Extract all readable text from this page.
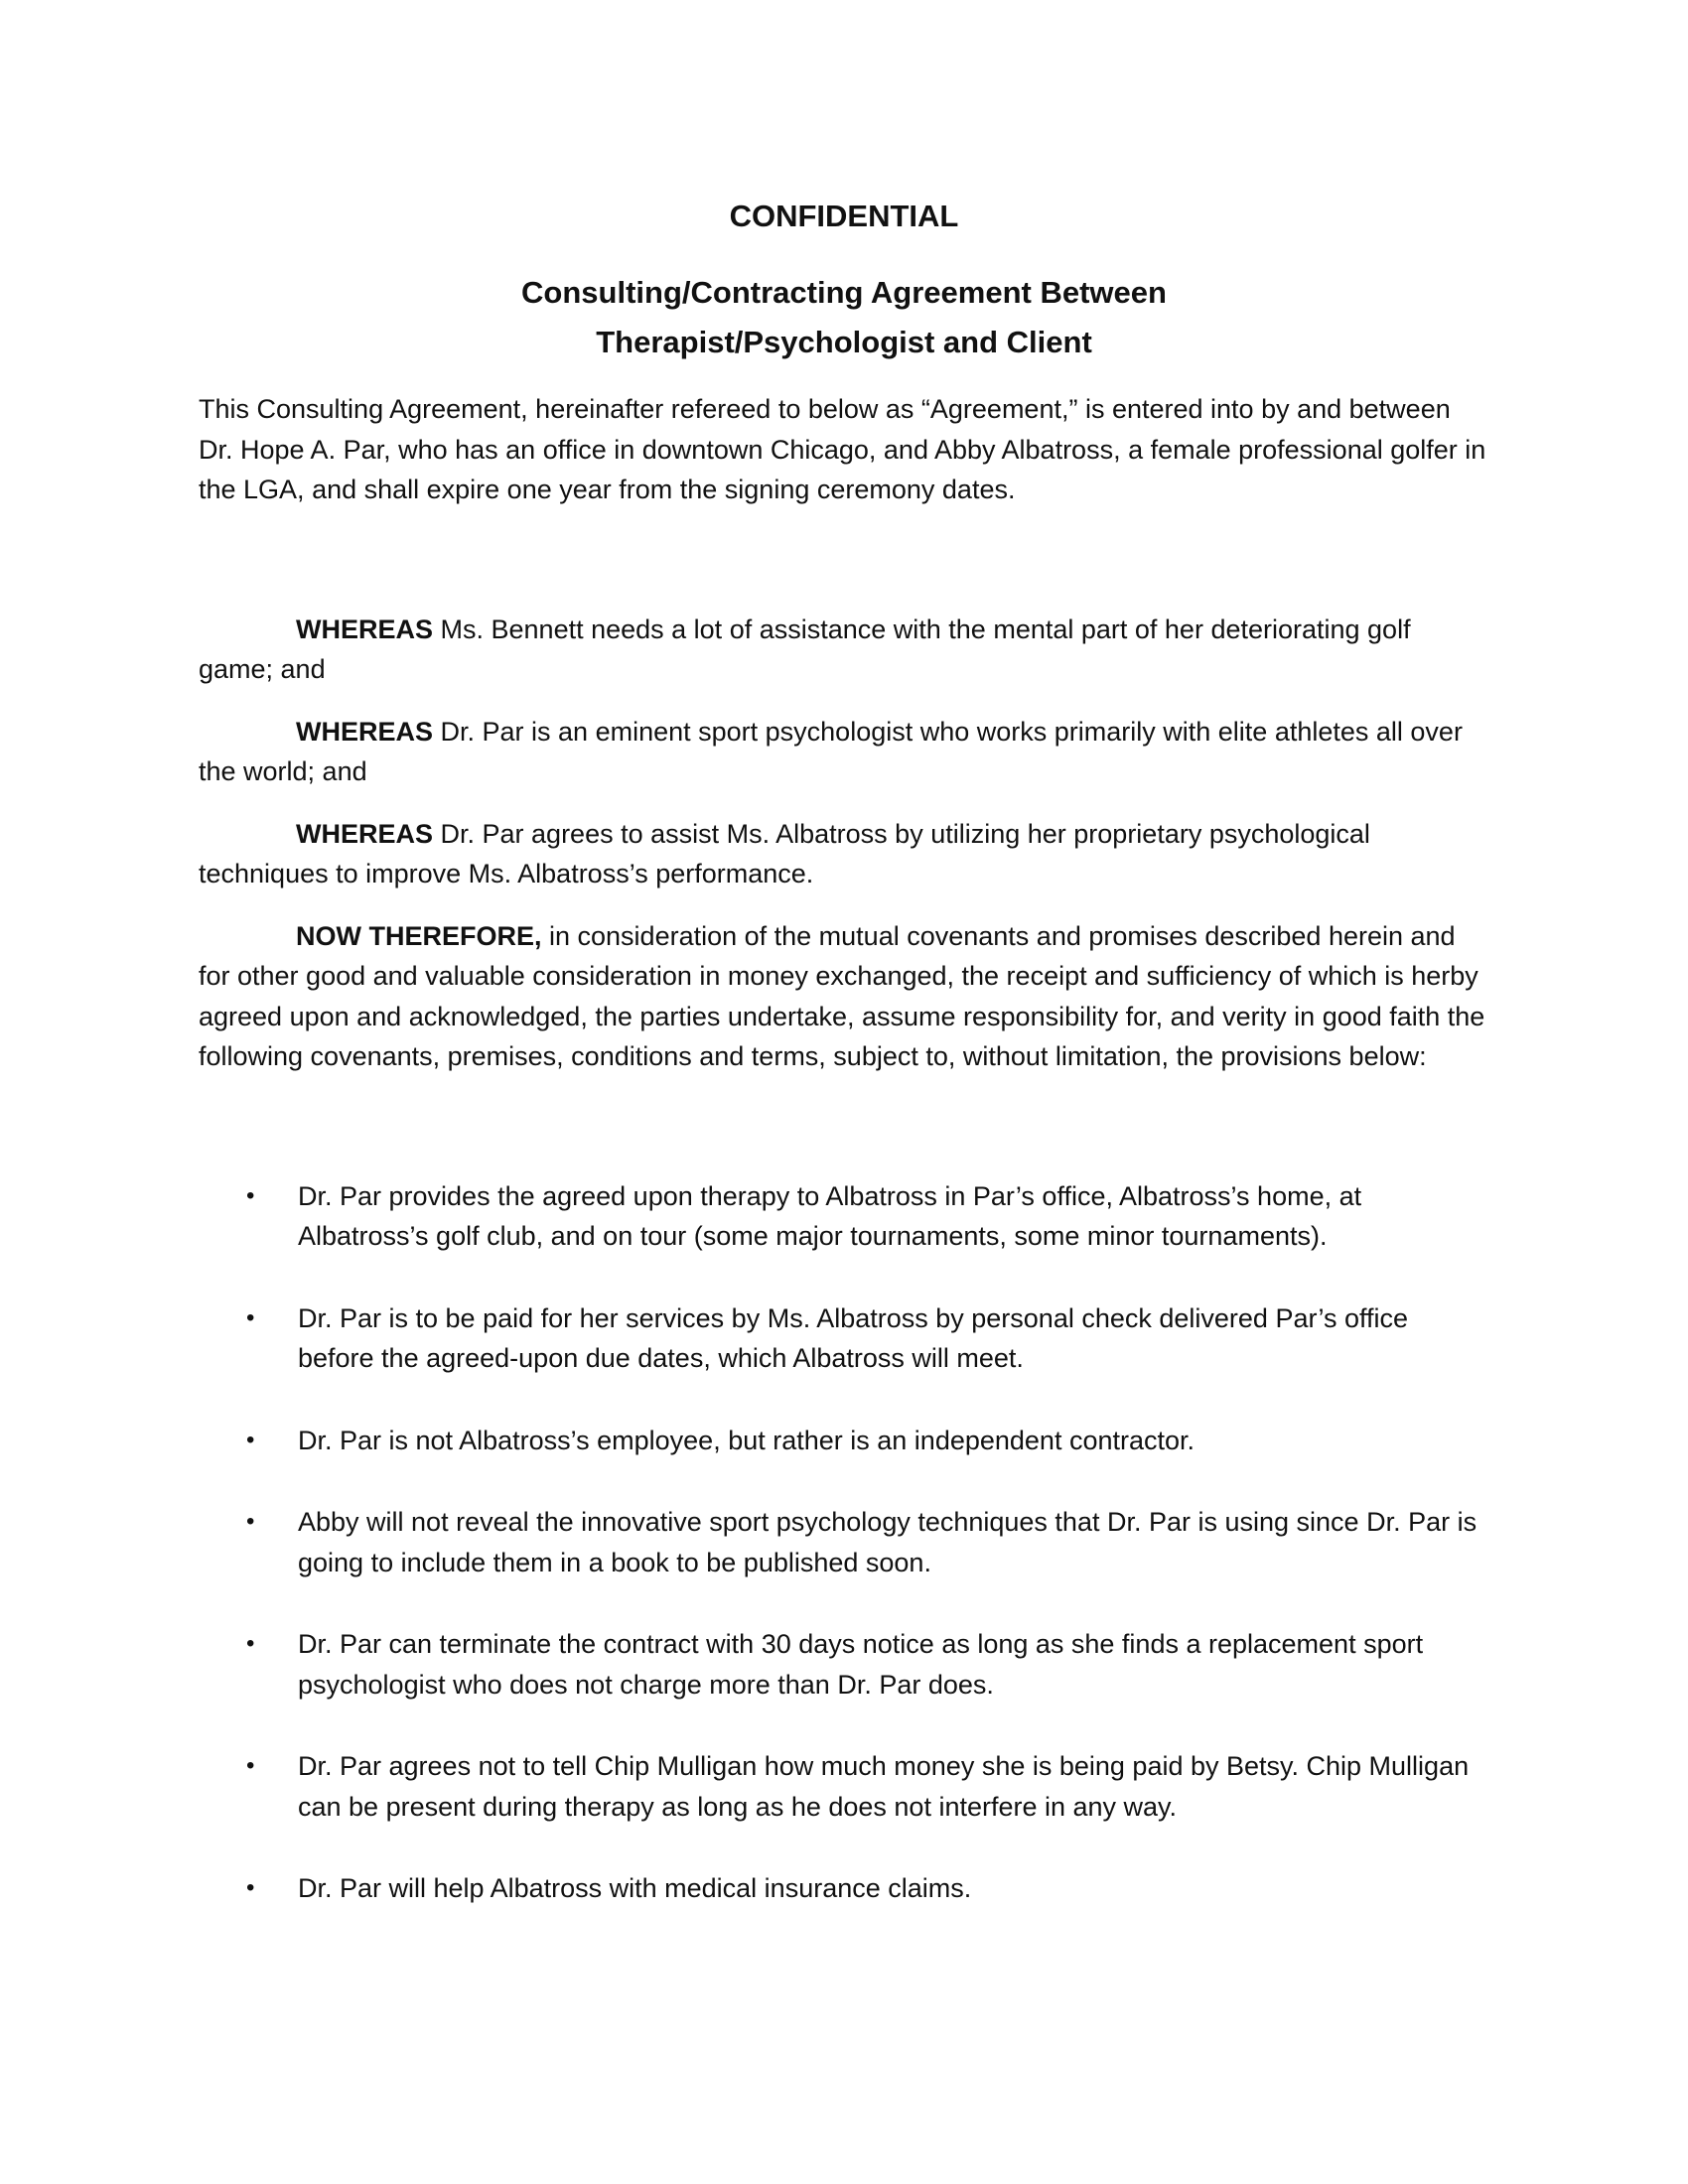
CONFIDENTIAL
Consulting/Contracting Agreement Between
Therapist/Psychologist and Client

This Consulting Agreement, hereinafter refereed to below as “Agreement,” is entered into by and between Dr. Hope A. Par, who has an office in downtown Chicago, and Abby Albatross, a female professional golfer in the LGA, and shall expire one year from the signing ceremony dates.

WHEREAS Ms. Bennett needs a lot of assistance with the mental part of her deteriorating golf game; and

WHEREAS Dr. Par is an eminent sport psychologist who works primarily with elite athletes all over the world; and

WHEREAS Dr. Par agrees to assist Ms. Albatross by utilizing her proprietary psychological techniques to improve Ms. Albatross’s performance.

NOW THEREFORE, in consideration of the mutual covenants and promises described herein and for other good and valuable consideration in money exchanged, the receipt and sufficiency of which is herby agreed upon and acknowledged, the parties undertake, assume responsibility for, and verity in good faith the following covenants, premises, conditions and terms, subject to, without limitation, the provisions below:

• Dr. Par provides the agreed upon therapy to Albatross in Par’s office, Albatross’s home, at Albatross’s golf club, and on tour (some major tournaments, some minor tournaments).
• Dr. Par is to be paid for her services by Ms. Albatross by personal check delivered Par’s office before the agreed-upon due dates, which Albatross will meet.
• Dr. Par is not Albatross’s employee, but rather is an independent contractor.
• Abby will not reveal the innovative sport psychology techniques that Dr. Par is using since Dr. Par is going to include them in a book to be published soon.
• Dr. Par can terminate the contract with 30 days notice as long as she finds a replacement sport psychologist who does not charge more than Dr. Par does.
• Dr. Par agrees not to tell Chip Mulligan how much money she is being paid by Betsy. Chip Mulligan can be present during therapy as long as he does not interfere in any way.
• Dr. Par will help Albatross with medical insurance claims.
